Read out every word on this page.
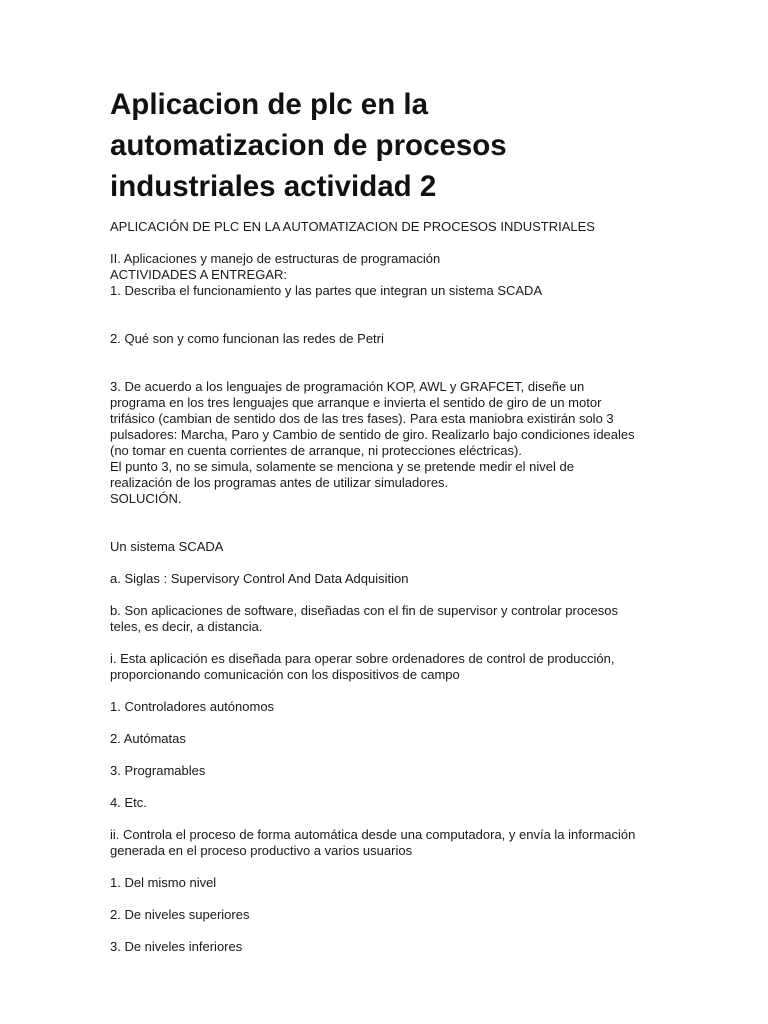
Aplicacion de plc en la
automatizacion de procesos
industriales actividad 2

APLICACIÓN DE PLC EN LA AUTOMATIZACION DE PROCESOS INDUSTRIALES

II. Aplicaciones y manejo de estructuras de programación
ACTIVIDADES A ENTREGAR:
1. Describa el funcionamiento y las partes que integran un sistema SCADA

2. Qué son y como funcionan las redes de Petri

3. De acuerdo a los lenguajes de programación KOP, AWL y GRAFCET, diseñe un
programa en los tres lenguajes que arranque e invierta el sentido de giro de un motor
trifásico (cambian de sentido dos de las tres fases). Para esta maniobra existirán solo 3
pulsadores: Marcha, Paro y Cambio de sentido de giro. Realizarlo bajo condiciones ideales
(no tomar en cuenta corrientes de arranque, ni protecciones eléctricas).
El punto 3, no se simula, solamente se menciona y se pretende medir el nivel de
realización de los programas antes de utilizar simuladores.
SOLUCIÓN.

Un sistema SCADA

a. Siglas : Supervisory Control And Data Adquisition

b. Son aplicaciones de software, diseñadas con el fin de supervisor y controlar procesos
teles, es decir, a distancia.

i. Esta aplicación es diseñada para operar sobre ordenadores de control de producción,
proporcionando comunicación con los dispositivos de campo

1. Controladores autónomos

2. Autómatas

3. Programables

4. Etc.

ii. Controla el proceso de forma automática desde una computadora, y envía la información
generada en el proceso productivo a varios usuarios

1. Del mismo nivel

2. De niveles superiores

3. De niveles inferiores
